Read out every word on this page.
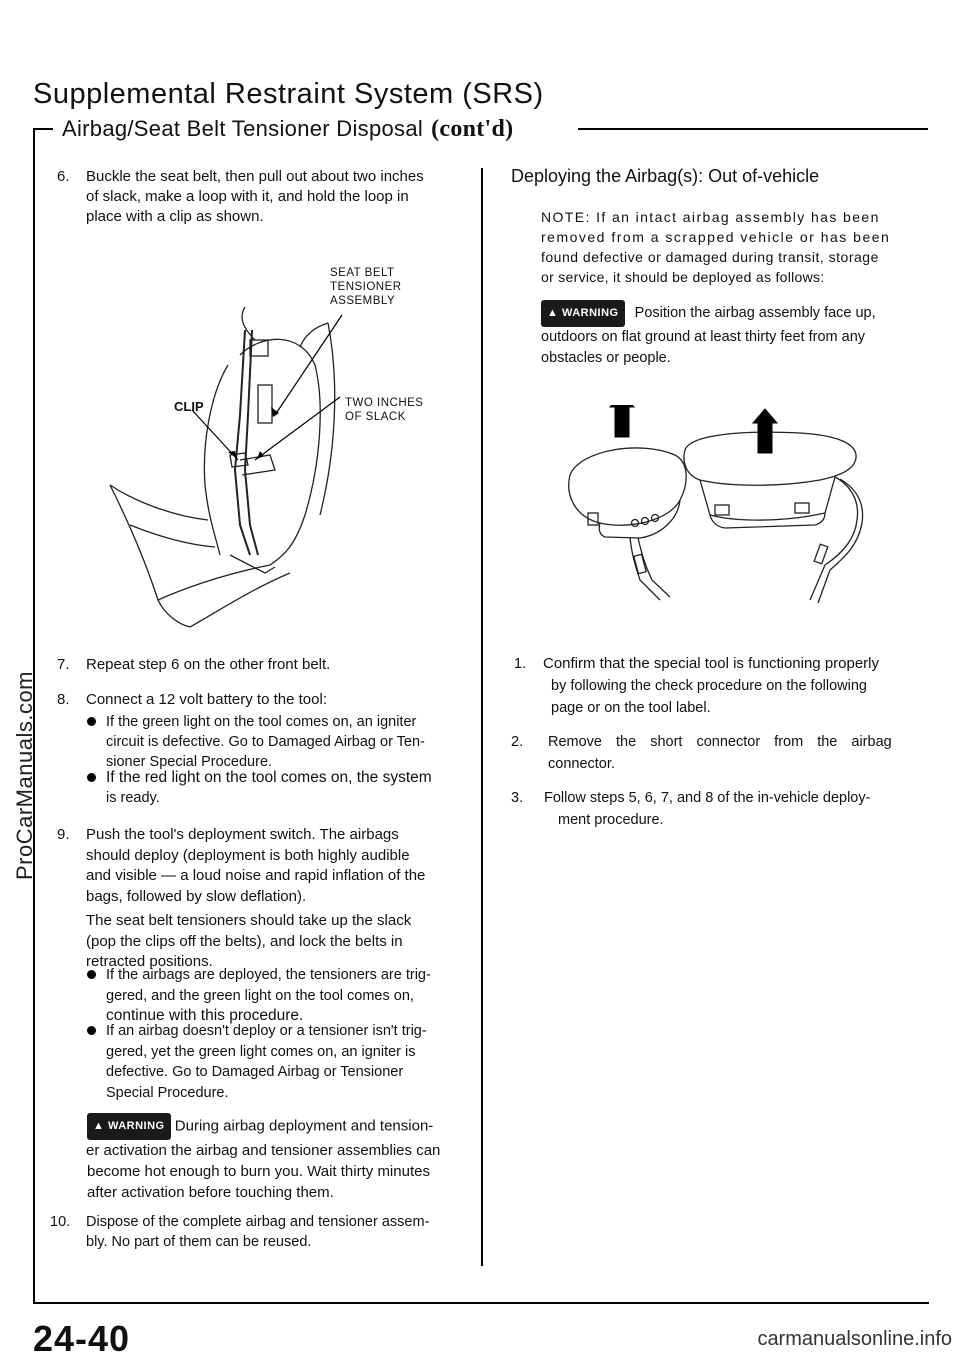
Supplemental Restraint System (SRS)
Airbag/Seat Belt Tensioner Disposal (cont'd)
6. Buckle the seat belt, then pull out about two inches
of slack, make a loop with it, and hold the loop in
place with a clip as shown.
SEAT BELT
TENSIONER
ASSEMBLY
CLIP	TWO INCHES
OF SLACK
7. Repeat step 6 on the other front belt.
8. Connect a 12 volt battery to the tool:
If the green light on the tool comes on, an igniter
circuit is defective. Go to Damaged Airbag or Ten-
sioner Special Procedure.
If the red light on the tool comes on, the system
is ready.
9. Push the tool's deployment switch. The airbags
should deploy (deployment is both highly audible
and visible — a loud noise and rapid inflation of the
bags, followed by slow deflation).
The seat belt tensioners should take up the slack
(pop the clips off the belts), and lock the belts in
retracted positions.
If the airbags are deployed, the tensioners are trig-
gered, and the green light on the tool comes on,
continue with this procedure.
If an airbag doesn't deploy or a tensioner isn't trig-
gered, yet the green light comes on, an igniter is
defective. Go to Damaged Airbag or Tensioner
Special Procedure.
▲ WARNING During airbag deployment and tension-
er activation the airbag and tensioner assemblies can
become hot enough to burn you. Wait thirty minutes
after activation before touching them.
10. Dispose of the complete airbag and tensioner assem-
bly. No part of them can be reused.
Deploying the Airbag(s): Out of-vehicle
NOTE: If an intact airbag assembly has been
removed from a scrapped vehicle or has been
found defective or damaged during transit, storage
or service, it should be deployed as follows:
▲ WARNING Position the airbag assembly face up,
outdoors on flat ground at least thirty feet from any
obstacles or people.
1. Confirm that the special tool is functioning properly
by following the check procedure on the following
page or on the tool label.
2. Remove the short connector from the airbag
connector.
3. Follow steps 5, 6, 7, and 8 of the in-vehicle deploy-
ment procedure.
ProCarManuals.com
24-40	carmanualsonline.info
